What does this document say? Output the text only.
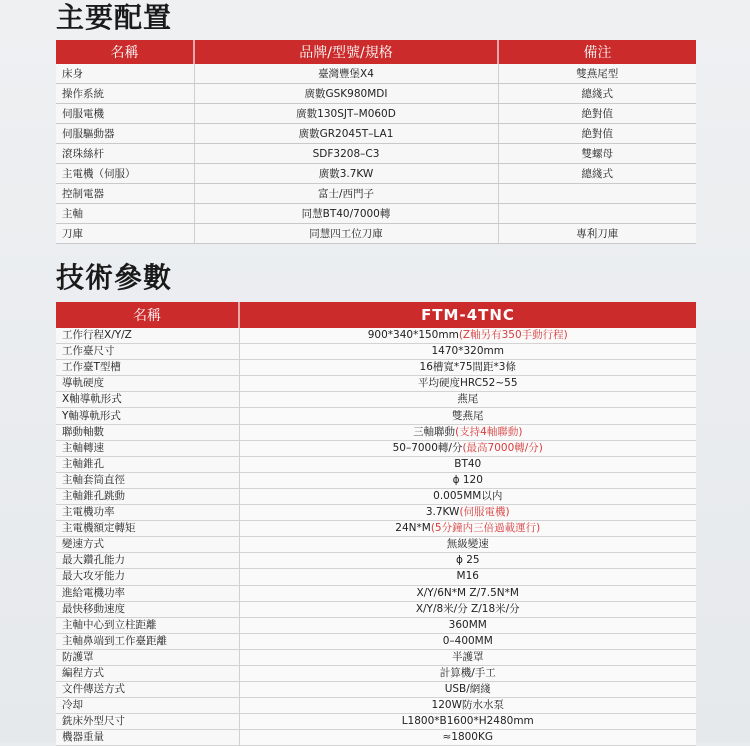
主要配置
名稱	品牌/型號/規格	備注
床身	臺灣豐堡X4	雙燕尾型
操作系統	廣數GSK980MDI	總綫式
伺服電機	廣數130SJT–M060D	絶對值
伺服驅動器	廣數GR2045T–LA1	絶對值
滾珠絲杆	SDF3208–C3	雙螺母
主電機（伺服）	廣數3.7KW	總綫式
控制電器	富士/西門子	
主軸	同慧BT40/7000轉	
刀庫	同慧四工位刀庫	專利刀庫
技術參數
名稱	FTM-4TNC
工作行程X/Y/Z	900*340*150mm(Z軸另有350手動行程)
工作臺尺寸	1470*320mm
工作臺T型槽	16槽寬*75間距*3條
導軌硬度	平均硬度HRC52~55
X軸導軌形式	燕尾
Y軸導軌形式	雙燕尾
聯動軸數	三軸聯動(支持4軸聯動)
主軸轉速	50–7000轉/分(最高7000轉/分)
主軸錐孔	BT40
主軸套筒直徑	ϕ 120
主軸錐孔跳動	0.005MM以内
主電機功率	3.7KW(伺服電機)
主電機額定轉矩	24N*M(5分鐘内三倍過載運行)
變速方式	無級變速
最大鑽孔能力	ϕ 25
最大攻牙能力	M16
進給電機功率	X/Y/6N*M Z/7.5N*M
最快移動速度	X/Y/8米/分 Z/18米/分
主軸中心到立柱距離	360MM
主軸鼻端到工作臺距離	0–400MM
防護罩	半護罩
編程方式	計算機/手工
文件傳送方式	USB/網綫
冷却	120W防水水泵
銑床外型尺寸	L1800*B1600*H2480mm
機器重量	≈1800KG
